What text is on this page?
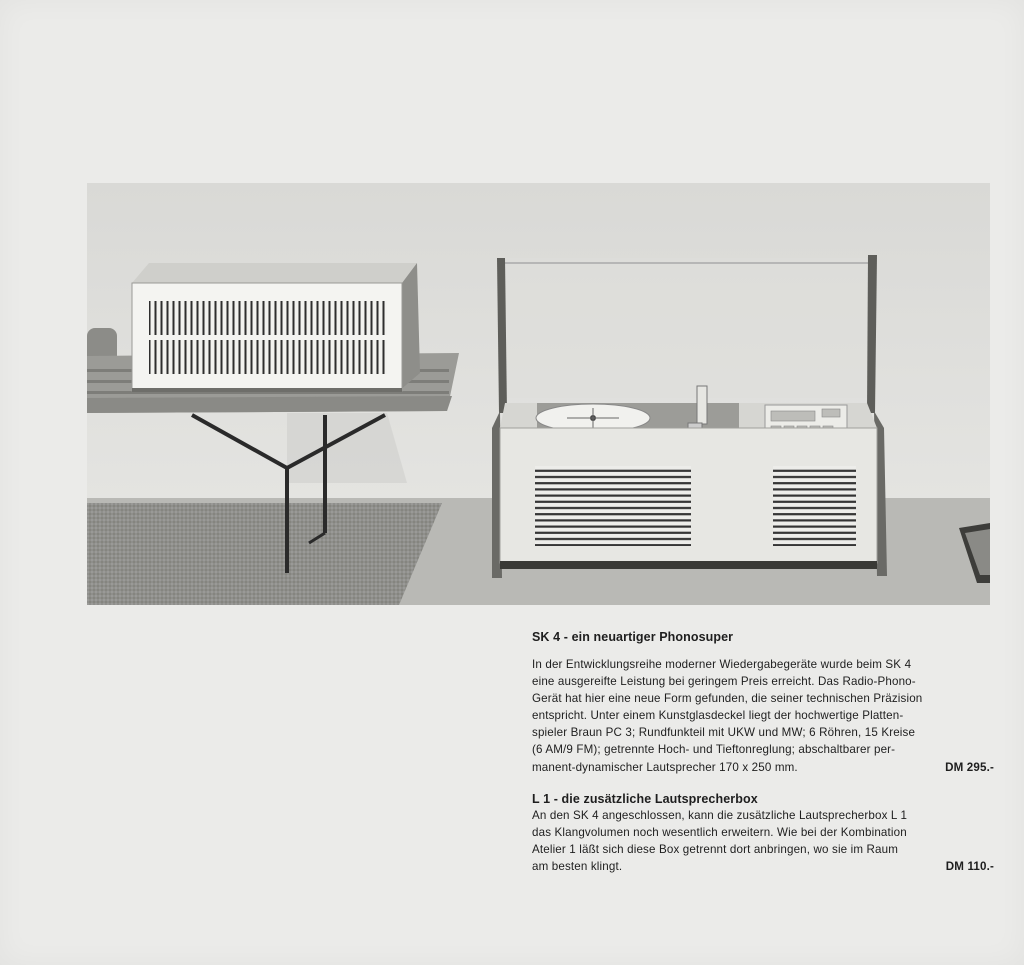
SK 4 - ein neuartiger Phonosuper

In der Entwicklungsreihe moderner Wiedergabegeräte wurde beim SK 4

eine ausgereifte Leistung bei geringem Preis erreicht. Das Radio-Phono-

Gerät hat hier eine neue Form gefunden, die seiner technischen Präzision

entspricht. Unter einem Kunstglasdeckel liegt der hochwertige Platten-

spieler Braun PC 3; Rundfunkteil mit UKW und MW; 6 Röhren, 15 Kreise

(6 AM/9 FM); getrennte Hoch- und Tieftonreglung; abschaltbarer per-

manent-dynamischer Lautsprecher 170 x 250 mm.	DM 295.-
L 1 - die zusätzliche Lautsprecherbox

An den SK 4 angeschlossen, kann die zusätzliche Lautsprecherbox L 1

das Klangvolumen noch wesentlich erweitern. Wie bei der Kombination

Atelier 1 läßt sich diese Box getrennt dort anbringen, wo sie im Raum

am besten klingt.	DM 110.-
